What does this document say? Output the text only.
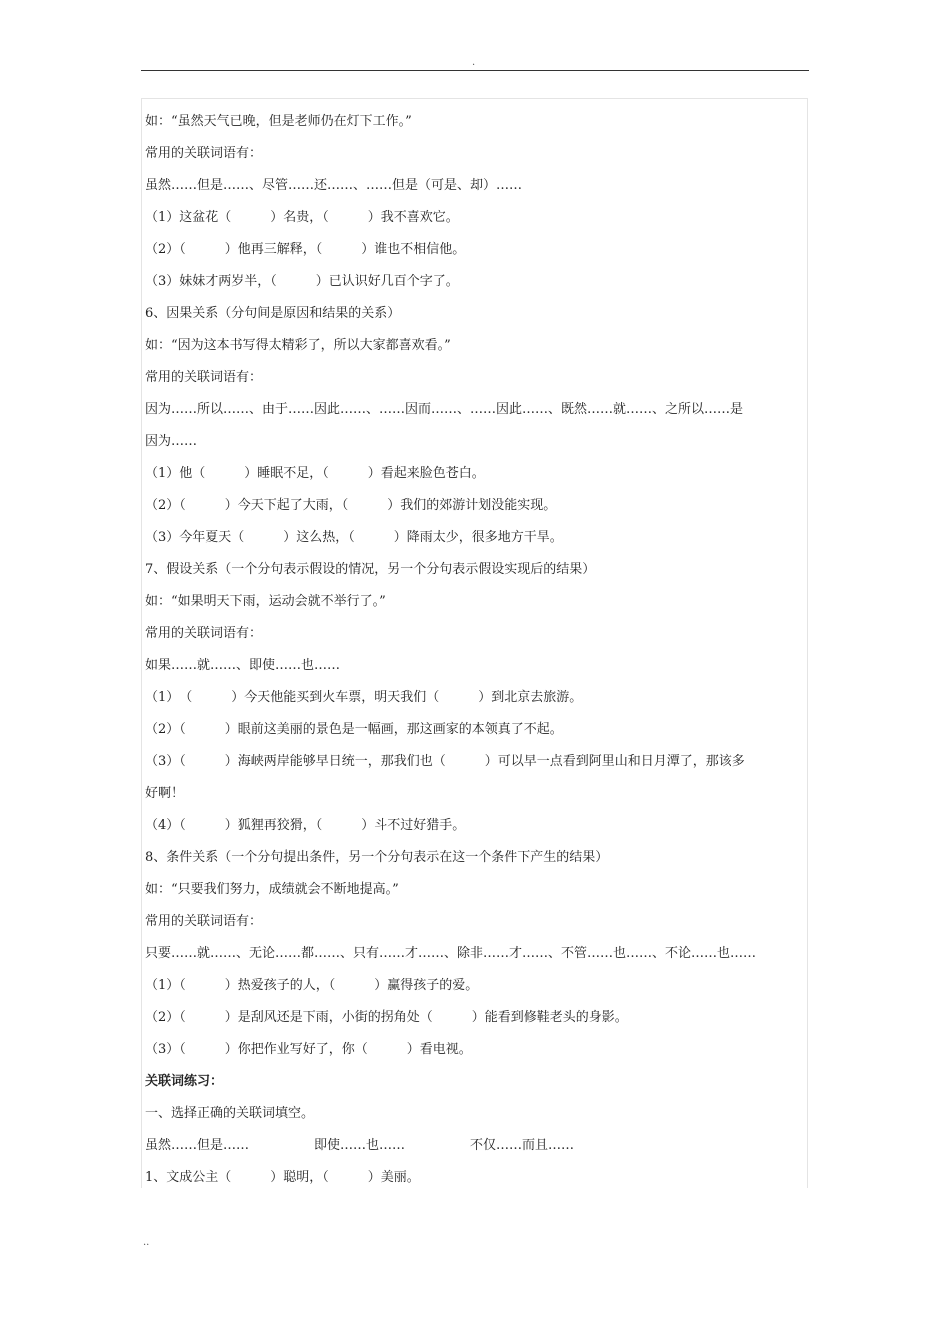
.
如：“虽然天气已晚，但是老师仍在灯下工作。”
常用的关联词语有：
虽然……但是……、尽管……还……、……但是（可是、却）……
（1）这盆花（　　　）名贵，（　　　）我不喜欢它。
（2）（　　　）他再三解释，（　　　）谁也不相信他。
（3）妹妹才两岁半，（　　　）已认识好几百个字了。
6、因果关系（分句间是原因和结果的关系）
如：“因为这本书写得太精彩了，所以大家都喜欢看。”
常用的关联词语有：
因为……所以……、由于……因此……、……因而……、……因此……、既然……就……、之所以……是
因为……
（1）他（　　　）睡眠不足，（　　　）看起来脸色苍白。
（2）（　　　）今天下起了大雨，（　　　）我们的郊游计划没能实现。
（3）今年夏天（　　　）这么热，（　　　）降雨太少，很多地方干旱。
7、假设关系（一个分句表示假设的情况，另一个分句表示假设实现后的结果）
如：“如果明天下雨，运动会就不举行了。”
常用的关联词语有：
如果……就……、即使……也……
（1）　（　　　）今天他能买到火车票，明天我们（　　　）到北京去旅游。
（2）（　　　）眼前这美丽的景色是一幅画，那这画家的本领真了不起。
（3）（　　　）海峡两岸能够早日统一，那我们也（　　　）可以早一点看到阿里山和日月潭了，那该多
好啊！
（4）（　　　）狐狸再狡猾，（　　　）斗不过好猎手。
8、条件关系（一个分句提出条件，另一个分句表示在这一个条件下产生的结果）
如：“只要我们努力，成绩就会不断地提高。”
常用的关联词语有：
只要……就……、无论……都……、只有……才……、除非……才……、不管……也……、不论……也……
（1）（　　　）热爱孩子的人，（　　　）赢得孩子的爱。
（2）（　　　）是刮风还是下雨，小街的拐角处（　　　）能看到修鞋老头的身影。
（3）（　　　）你把作业写好了，你（　　　）看电视。
关联词练习：
一、选择正确的关联词填空。
虽然……但是……　　　　　即使……也……　　　　　不仅……而且……
1、文成公主（　　　）聪明，（　　　）美丽。
..
